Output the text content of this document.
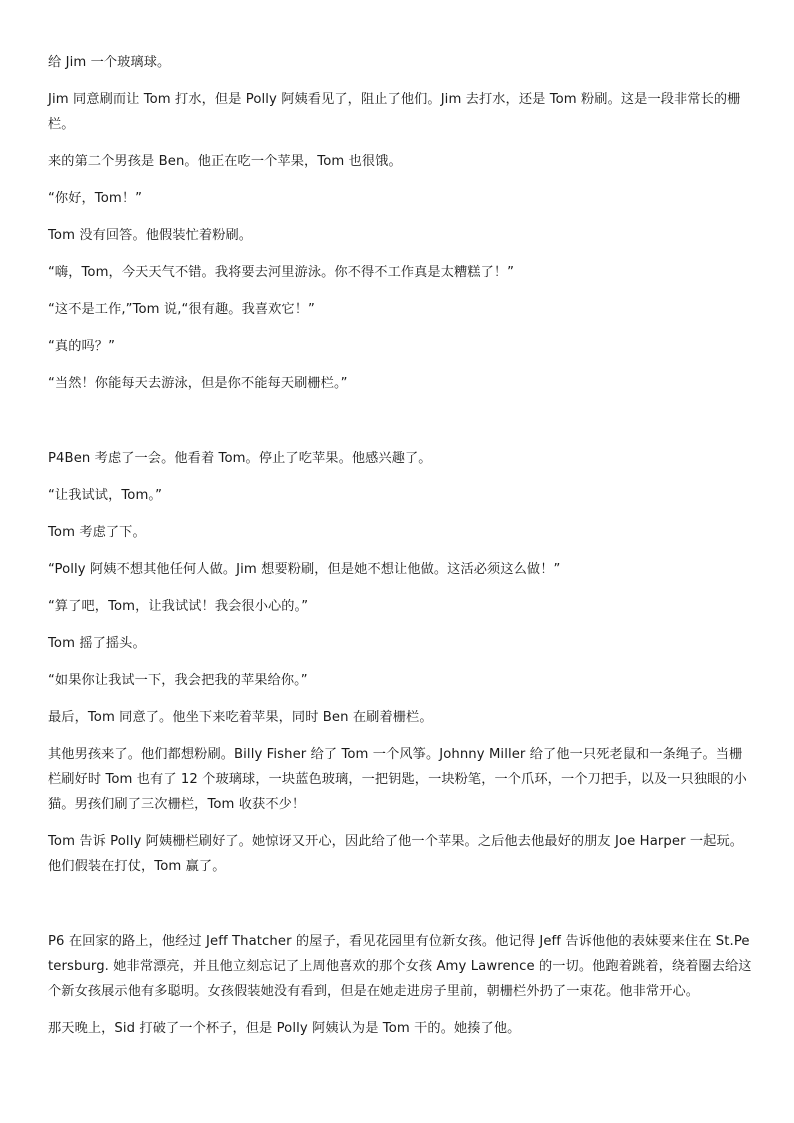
给 Jim 一个玻璃球。

Jim 同意刷而让 Tom 打水，但是 Polly 阿姨看见了，阻止了他们。Jim 去打水，还是 Tom 粉刷。这是一段非常长的栅栏。

来的第二个男孩是 Ben。他正在吃一个苹果，Tom 也很饿。

“你好，Tom！”

Tom 没有回答。他假装忙着粉刷。

“嗨，Tom，今天天气不错。我将要去河里游泳。你不得不工作真是太糟糕了！”

“这不是工作,”Tom 说,“很有趣。我喜欢它！”

“真的吗？”

“当然！你能每天去游泳，但是你不能每天刷栅栏。”

P4Ben 考虑了一会。他看着 Tom。停止了吃苹果。他感兴趣了。

“让我试试，Tom。”

Tom 考虑了下。

“Polly 阿姨不想其他任何人做。Jim 想要粉刷，但是她不想让他做。这活必须这么做！”

“算了吧，Tom，让我试试！我会很小心的。”

Tom 摇了摇头。

“如果你让我试一下，我会把我的苹果给你。”

最后，Tom 同意了。他坐下来吃着苹果，同时 Ben 在刷着栅栏。

其他男孩来了。他们都想粉刷。Billy Fisher 给了 Tom 一个风筝。Johnny Miller 给了他一只死老鼠和一条绳子。当栅栏刷好时 Tom 也有了 12 个玻璃球，一块蓝色玻璃，一把钥匙，一块粉笔，一个爪环，一个刀把手，以及一只独眼的小猫。男孩们刷了三次栅栏，Tom 收获不少！

Tom 告诉 Polly 阿姨栅栏刷好了。她惊讶又开心，因此给了他一个苹果。之后他去他最好的朋友 Joe Harper 一起玩。他们假装在打仗，Tom 赢了。

P6 在回家的路上，他经过 Jeff Thatcher 的屋子，看见花园里有位新女孩。他记得 Jeff 告诉他他的表妹要来住在 St.Petersburg. 她非常漂亮，并且他立刻忘记了上周他喜欢的那个女孩 Amy Lawrence 的一切。他跑着跳着，绕着圈去给这个新女孩展示他有多聪明。女孩假装她没有看到，但是在她走进房子里前，朝栅栏外扔了一束花。他非常开心。

那天晚上，Sid 打破了一个杯子，但是 Polly 阿姨认为是 Tom 干的。她揍了他。
